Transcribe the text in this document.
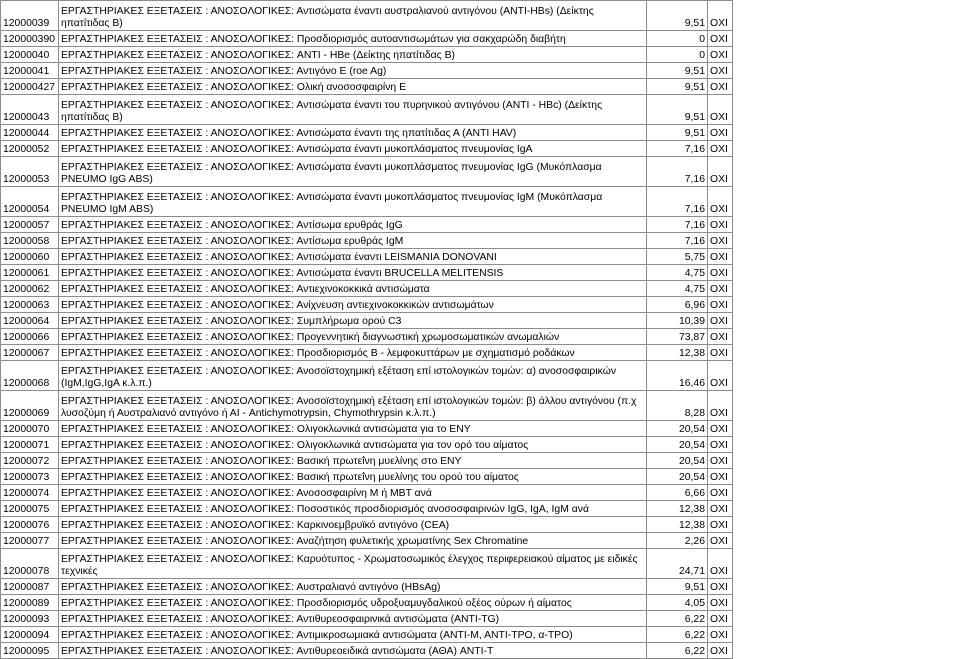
12000039	ΕΡΓΑΣΤΗΡΙΑΚΕΣ ΕΞΕΤΑΣΕΙΣ : ΑΝΟΣΟΛΟΓΙΚΕΣ: Αντισώματα έναντι αυστραλιανού αντιγόνου (ΑΝΤΙ-HBs) (Δείκτης ηπατίτιδας Β)	9,51	ΟΧΙ	
120000390	ΕΡΓΑΣΤΗΡΙΑΚΕΣ ΕΞΕΤΑΣΕΙΣ : ΑΝΟΣΟΛΟΓΙΚΕΣ: Προσδιορισμός αυτοαντισωμάτων για σακχαρώδη διαβήτη	0	ΟΧΙ	
12000040	ΕΡΓΑΣΤΗΡΙΑΚΕΣ ΕΞΕΤΑΣΕΙΣ : ΑΝΟΣΟΛΟΓΙΚΕΣ: ANTI - HBe (Δείκτης ηπατίτιδας Β)	0	ΟΧΙ	
12000041	ΕΡΓΑΣΤΗΡΙΑΚΕΣ ΕΞΕΤΑΣΕΙΣ : ΑΝΟΣΟΛΟΓΙΚΕΣ: Αντιγόνο Ε (roe Ag)	9,51	ΟΧΙ	
120000427	ΕΡΓΑΣΤΗΡΙΑΚΕΣ ΕΞΕΤΑΣΕΙΣ : ΑΝΟΣΟΛΟΓΙΚΕΣ: Ολική ανοσοσφαιρίνη Ε	9,51	ΟΧΙ	
12000043	ΕΡΓΑΣΤΗΡΙΑΚΕΣ ΕΞΕΤΑΣΕΙΣ : ΑΝΟΣΟΛΟΓΙΚΕΣ: Αντισώματα έναντι του πυρηνικού αντιγόνου (ΑΝΤΙ - HBc) (Δείκτης ηπατίτιδας Β)	9,51	ΟΧΙ	
12000044	ΕΡΓΑΣΤΗΡΙΑΚΕΣ ΕΞΕΤΑΣΕΙΣ : ΑΝΟΣΟΛΟΓΙΚΕΣ: Αντισώματα έναντι της ηπατίτιδας Α (ΑΝΤΙ HAV)	9,51	ΟΧΙ	
12000052	ΕΡΓΑΣΤΗΡΙΑΚΕΣ ΕΞΕΤΑΣΕΙΣ : ΑΝΟΣΟΛΟΓΙΚΕΣ: Αντισώματα έναντι μυκοπλάσματος πνευμονίας IgA	7,16	ΟΧΙ	
12000053	ΕΡΓΑΣΤΗΡΙΑΚΕΣ ΕΞΕΤΑΣΕΙΣ : ΑΝΟΣΟΛΟΓΙΚΕΣ: Αντισώματα έναντι μυκοπλάσματος πνευμονίας IgG (Μυκόπλασμα PNEUMO IgG ABS)	7,16	ΟΧΙ	
12000054	ΕΡΓΑΣΤΗΡΙΑΚΕΣ ΕΞΕΤΑΣΕΙΣ : ΑΝΟΣΟΛΟΓΙΚΕΣ: Αντισώματα έναντι μυκοπλάσματος πνευμονίας IgM (Μυκόπλασμα PNEUMO IgM ABS)	7,16	ΟΧΙ	
12000057	ΕΡΓΑΣΤΗΡΙΑΚΕΣ ΕΞΕΤΑΣΕΙΣ : ΑΝΟΣΟΛΟΓΙΚΕΣ: Αντίσωμα ερυθράς IgG	7,16	ΟΧΙ	
12000058	ΕΡΓΑΣΤΗΡΙΑΚΕΣ ΕΞΕΤΑΣΕΙΣ : ΑΝΟΣΟΛΟΓΙΚΕΣ: Αντίσωμα ερυθράς IgM	7,16	ΟΧΙ	
12000060	ΕΡΓΑΣΤΗΡΙΑΚΕΣ ΕΞΕΤΑΣΕΙΣ : ΑΝΟΣΟΛΟΓΙΚΕΣ: Αντισώματα έναντι LEISMANIA DONOVANI	5,75	ΟΧΙ	
12000061	ΕΡΓΑΣΤΗΡΙΑΚΕΣ ΕΞΕΤΑΣΕΙΣ : ΑΝΟΣΟΛΟΓΙΚΕΣ: Αντισώματα έναντι BRUCELLA MELITENSIS	4,75	ΟΧΙ	
12000062	ΕΡΓΑΣΤΗΡΙΑΚΕΣ ΕΞΕΤΑΣΕΙΣ : ΑΝΟΣΟΛΟΓΙΚΕΣ: Αντιεχινοκοκκικά αντισώματα	4,75	ΟΧΙ	
12000063	ΕΡΓΑΣΤΗΡΙΑΚΕΣ ΕΞΕΤΑΣΕΙΣ : ΑΝΟΣΟΛΟΓΙΚΕΣ: Ανίχνευση αντιεχινοκοκκικών αντισωμάτων	6,96	ΟΧΙ	
12000064	ΕΡΓΑΣΤΗΡΙΑΚΕΣ ΕΞΕΤΑΣΕΙΣ : ΑΝΟΣΟΛΟΓΙΚΕΣ: Συμπλήρωμα ορού C3	10,39	ΟΧΙ	
12000066	ΕΡΓΑΣΤΗΡΙΑΚΕΣ ΕΞΕΤΑΣΕΙΣ : ΑΝΟΣΟΛΟΓΙΚΕΣ: Προγεννητική διαγνωστική χρωμοσωματικών ανωμαλιών	73,87	ΟΧΙ	
12000067	ΕΡΓΑΣΤΗΡΙΑΚΕΣ ΕΞΕΤΑΣΕΙΣ : ΑΝΟΣΟΛΟΓΙΚΕΣ: Προσδιορισμός Β - λεμφοκυττάρων με σχηματισμό ροδάκων	12,38	ΟΧΙ	
12000068	ΕΡΓΑΣΤΗΡΙΑΚΕΣ ΕΞΕΤΑΣΕΙΣ : ΑΝΟΣΟΛΟΓΙΚΕΣ: Ανοσοϊστοχημική εξέταση επί ιστολογικών τομών: α) ανοσοσφαιρικών (IgM,IgG,IgA κ.λ.π.)	16,46	ΟΧΙ	
12000069	ΕΡΓΑΣΤΗΡΙΑΚΕΣ ΕΞΕΤΑΣΕΙΣ : ΑΝΟΣΟΛΟΓΙΚΕΣ: Ανοσοϊστοχημική εξέταση επί ιστολογικών τομών: β) άλλου αντιγόνου (π.χ λυσοζύμη ή Αυστραλιανό αντιγόνο ή ΑΙ - Antichymotrypsin, Chymothrypsin κ.λ.π.)	8,28	ΟΧΙ	
12000070	ΕΡΓΑΣΤΗΡΙΑΚΕΣ ΕΞΕΤΑΣΕΙΣ : ΑΝΟΣΟΛΟΓΙΚΕΣ: Ολιγοκλωνικά αντισώματα για το ΕΝΥ	20,54	ΟΧΙ	
12000071	ΕΡΓΑΣΤΗΡΙΑΚΕΣ ΕΞΕΤΑΣΕΙΣ : ΑΝΟΣΟΛΟΓΙΚΕΣ: Ολιγοκλωνικά αντισώματα για τον ορό του αίματος	20,54	ΟΧΙ	
12000072	ΕΡΓΑΣΤΗΡΙΑΚΕΣ ΕΞΕΤΑΣΕΙΣ : ΑΝΟΣΟΛΟΓΙΚΕΣ: Βασική πρωτεΐνη μυελίνης στο ΕΝΥ	20,54	ΟΧΙ	
12000073	ΕΡΓΑΣΤΗΡΙΑΚΕΣ ΕΞΕΤΑΣΕΙΣ : ΑΝΟΣΟΛΟΓΙΚΕΣ: Βασική πρωτεΐνη μυελίνης του ορού του αίματος	20,54	ΟΧΙ	
12000074	ΕΡΓΑΣΤΗΡΙΑΚΕΣ ΕΞΕΤΑΣΕΙΣ : ΑΝΟΣΟΛΟΓΙΚΕΣ: Ανοσοσφαιρίνη Μ ή ΜΒΤ ανά	6,66	ΟΧΙ	
12000075	ΕΡΓΑΣΤΗΡΙΑΚΕΣ ΕΞΕΤΑΣΕΙΣ : ΑΝΟΣΟΛΟΓΙΚΕΣ: Ποσοστικός προσδιορισμός ανοσοσφαιρινών IgG, IgA, IgM ανά	12,38	ΟΧΙ	
12000076	ΕΡΓΑΣΤΗΡΙΑΚΕΣ ΕΞΕΤΑΣΕΙΣ : ΑΝΟΣΟΛΟΓΙΚΕΣ: Καρκινοεμβρυϊκό αντιγόνο (CEA)	12,38	ΟΧΙ	
12000077	ΕΡΓΑΣΤΗΡΙΑΚΕΣ ΕΞΕΤΑΣΕΙΣ : ΑΝΟΣΟΛΟΓΙΚΕΣ: Αναζήτηση φυλετικής χρωματίνης Sex Chromatine	2,26	ΟΧΙ	
12000078	ΕΡΓΑΣΤΗΡΙΑΚΕΣ ΕΞΕΤΑΣΕΙΣ : ΑΝΟΣΟΛΟΓΙΚΕΣ: Καρυότυπος - Χρωματοσωμικός έλεγχος περιφερειακού αίματος με ειδικές τεχνικές	24,71	ΟΧΙ	
12000087	ΕΡΓΑΣΤΗΡΙΑΚΕΣ ΕΞΕΤΑΣΕΙΣ : ΑΝΟΣΟΛΟΓΙΚΕΣ: Αυστραλιανό αντιγόνο (HBsAg)	9,51	ΟΧΙ	
12000089	ΕΡΓΑΣΤΗΡΙΑΚΕΣ ΕΞΕΤΑΣΕΙΣ : ΑΝΟΣΟΛΟΓΙΚΕΣ: Προσδιορισμός υδροξυαμυγδαλικού οξέος ούρων ή αίματος	4,05	ΟΧΙ	
12000093	ΕΡΓΑΣΤΗΡΙΑΚΕΣ ΕΞΕΤΑΣΕΙΣ : ΑΝΟΣΟΛΟΓΙΚΕΣ: Αντιθυρεοσφαιρινικά αντισώματα (ΑΝΤΙ-TG)	6,22	ΟΧΙ	
12000094	ΕΡΓΑΣΤΗΡΙΑΚΕΣ ΕΞΕΤΑΣΕΙΣ : ΑΝΟΣΟΛΟΓΙΚΕΣ: Αντιμικροσωμιακά αντισώματα (ΑΝΤΙ-Μ, ΑΝΤΙ-ΤΡΟ, α-ΤΡΟ)	6,22	ΟΧΙ	
12000095	ΕΡΓΑΣΤΗΡΙΑΚΕΣ ΕΞΕΤΑΣΕΙΣ : ΑΝΟΣΟΛΟΓΙΚΕΣ: Αντιθυρεοειδικά αντισώματα (ΑΘΑ) ANTI-T	6,22	ΟΧΙ	
